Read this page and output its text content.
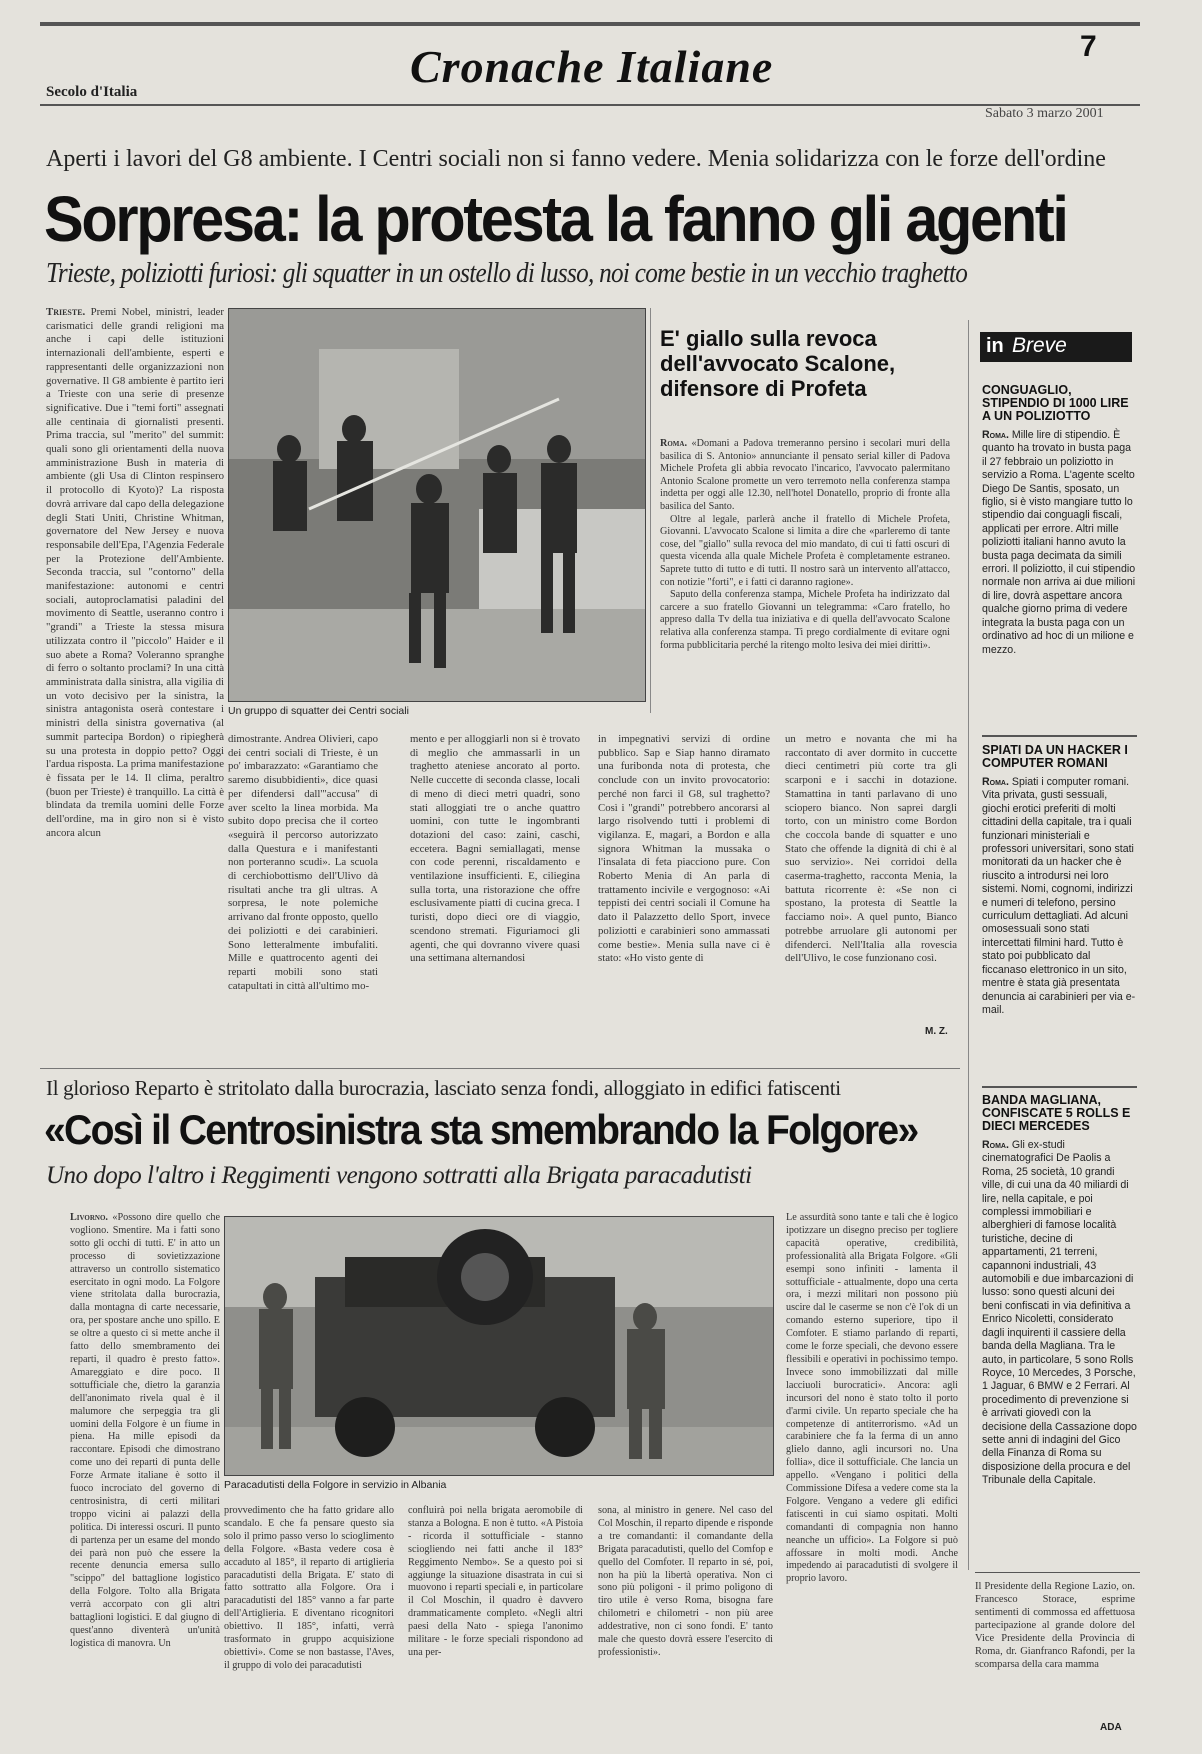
Secolo d'Italia	Cronache Italiane	7
Sabato 3 marzo 2001
Aperti i lavori del G8 ambiente. I Centri sociali non si fanno vedere. Menia solidarizza con le forze dell'ordine
Sorpresa: la protesta la fanno gli agenti
Trieste, poliziotti furiosi: gli squatter in un ostello di lusso, noi come bestie in un vecchio traghetto

Trieste. Premi Nobel, ministri, leader carismatici delle grandi religioni ma anche i capi delle istituzioni internazionali dell'ambiente, esperti e rappresentanti delle organizzazioni non governative. Il G8 ambiente è partito ieri a Trieste con una serie di presenze significative. Due i "temi forti" assegnati alle centinaia di giornalisti presenti. Prima traccia, sul "merito" del summit: quali sono gli orientamenti della nuova amministrazione Bush in materia di ambiente (gli Usa di Clinton respinsero il protocollo di Kyoto)? La risposta dovrà arrivare dal capo della delegazione degli Stati Uniti, Christine Whitman, governatore del New Jersey e nuova responsabile dell'Epa, l'Agenzia Federale per la Protezione dell'Ambiente. Seconda traccia, sul "contorno" della manifestazione: autonomi e centri sociali, autoproclamatisi paladini del movimento di Seattle, useranno contro i "grandi" a Trieste la stessa misura utilizzata contro il "piccolo" Haider e il suo abete a Roma? Voleranno spranghe di ferro o soltanto proclami? In una città amministrata dalla sinistra, alla vigilia di un voto decisivo per la sinistra, la sinistra antagonista oserà contestare i ministri della sinistra governativa (al summit partecipa Bordon) o ripiegherà su una protesta in doppio petto? Oggi l'ardua risposta. La prima manifestazione è fissata per le 14. Il clima, peraltro (buon per Trieste) è tranquillo. La città è blindata da tremila uomini delle Forze dell'ordine, ma in giro non si è visto ancora alcun

Un gruppo di squatter dei Centri sociali
E' giallo sulla revoca dell'avvocato Scalone, difensore di Profeta

Roma. «Domani a Padova tremeranno persino i secolari muri della basilica di S. Antonio» annunciante il pensato serial killer di Padova Michele Profeta gli abbia revocato l'incarico, l'avvocato palermitano Antonio Scalone promette un vero terremoto nella conferenza stampa indetta per oggi alle 12.30, nell'hotel Donatello, proprio di fronte alla basilica del Santo.

Oltre al legale, parlerà anche il fratello di Michele Profeta, Giovanni. L'avvocato Scalone si limita a dire che «parleremo di tante cose, del "giallo" sulla revoca del mio mandato, di cui ti fatti oscuri di questa vicenda alla quale Michele Profeta è completamente estraneo. Saprete tutto di tutto e di tutti. Il nostro sarà un intervento all'attacco, con notizie "forti", e i fatti ci daranno ragione».

Saputo della conferenza stampa, Michele Profeta ha indirizzato dal carcere a suo fratello Giovanni un telegramma: «Caro fratello, ho appreso dalla Tv della tua iniziativa e di quella dell'avvocato Scalone relativa alla conferenza stampa. Ti prego cordialmente di evitare ogni forma pubblicitaria perché la ritengo molto lesiva dei miei diritti».

dimostrante. Andrea Olivieri, capo dei centri sociali di Trieste, è un po' imbarazzato: «Garantiamo che saremo disubbidienti», dice quasi per difendersi dall'"accusa" di aver scelto la linea morbida. Ma subito dopo precisa che il corteo «seguirà il percorso autorizzato dalla Questura e i manifestanti non porteranno scudi». La scuola di cerchiobottismo dell'Ulivo dà risultati anche tra gli ultras. A sorpresa, le note polemiche arrivano dal fronte opposto, quello dei poliziotti e dei carabinieri. Sono letteralmente imbufaliti. Mille e quattrocento agenti dei reparti mobili sono stati catapultati in città all'ultimo mo-

mento e per alloggiarli non si è trovato di meglio che ammassarli in un traghetto ateniese ancorato al porto. Nelle cuccette di seconda classe, locali di meno di dieci metri quadri, sono stati alloggiati tre o anche quattro uomini, con tutte le ingombranti dotazioni del caso: zaini, caschi, eccetera. Bagni semiallagati, mense con code perenni, riscaldamento e ventilazione insufficienti. E, ciliegina sulla torta, una ristorazione che offre esclusivamente piatti di cucina greca. I turisti, dopo dieci ore di viaggio, scendono stremati. Figuriamoci gli agenti, che qui dovranno vivere quasi una settimana alternandosi

in impegnativi servizi di ordine pubblico. Sap e Siap hanno diramato una furibonda nota di protesta, che conclude con un invito provocatorio: perché non farci il G8, sul traghetto? Così i "grandi" potrebbero ancorarsi al largo risolvendo tutti i problemi di vigilanza. E, magari, a Bordon e alla signora Whitman la mussaka o l'insalata di feta piacciono pure. Con Roberto Menia di An parla di trattamento incivile e vergognoso: «Ai teppisti dei centri sociali il Comune ha dato il Palazzetto dello Sport, invece poliziotti e carabinieri sono ammassati come bestie». Menia sulla nave ci è stato: «Ho visto gente di

un metro e novanta che mi ha raccontato di aver dormito in cuccette dieci centimetri più corte tra gli scarponi e i sacchi in dotazione. Stamattina in tanti parlavano di uno sciopero bianco. Non saprei dargli torto, con un ministro come Bordon che coccola bande di squatter e uno Stato che offende la dignità di chi è al suo servizio». Nei corridoi della caserma-traghetto, racconta Menia, la battuta ricorrente è: «Se non ci spostano, la protesta di Seattle la facciamo noi». A quel punto, Bianco potrebbe arruolare gli autonomi per difenderci. Nell'Italia alla rovescia dell'Ulivo, le cose funzionano così.

M. Z.
in Breve
CONGUAGLIO, STIPENDIO DI 1000 LIRE A UN POLIZIOTTO
Roma. Mille lire di stipendio. È quanto ha trovato in busta paga il 27 febbraio un poliziotto in servizio a Roma. L'agente scelto Diego De Santis, sposato, un figlio, si è visto mangiare tutto lo stipendio dai conguagli fiscali, applicati per errore. Altri mille poliziotti italiani hanno avuto la busta paga decimata da simili errori. Il poliziotto, il cui stipendio normale non arriva ai due milioni di lire, dovrà aspettare ancora qualche giorno prima di vedere integrata la busta paga con un ordinativo ad hoc di un milione e mezzo.
SPIATI DA UN HACKER I COMPUTER ROMANI
Roma. Spiati i computer romani. Vita privata, gusti sessuali, giochi erotici preferiti di molti cittadini della capitale, tra i quali funzionari ministeriali e professori universitari, sono stati monitorati da un hacker che è riuscito a introdursi nei loro sistemi. Nomi, cognomi, indirizzi e numeri di telefono, persino curriculum dettagliati. Ad alcuni omosessuali sono stati intercettati filmini hard. Tutto è stato poi pubblicato dal ficcanaso elettronico in un sito, mentre è stata già presentata denuncia ai carabinieri per via e-mail.
BANDA MAGLIANA, CONFISCATE 5 ROLLS E DIECI MERCEDES
Roma. Gli ex-studi cinematografici De Paolis a Roma, 25 società, 10 grandi ville, di cui una da 40 miliardi di lire, nella capitale, e poi complessi immobiliari e alberghieri di famose località turistiche, decine di appartamenti, 21 terreni, capannoni industriali, 43 automobili e due imbarcazioni di lusso: sono questi alcuni dei beni confiscati in via definitiva a Enrico Nicoletti, considerato dagli inquirenti il cassiere della banda della Magliana. Tra le auto, in particolare, 5 sono Rolls Royce, 10 Mercedes, 3 Porsche, 1 Jaguar, 6 BMW e 2 Ferrari. Al procedimento di prevenzione si è arrivati giovedì con la decisione della Cassazione dopo sette anni di indagini del Gico della Finanza di Roma su disposizione della procura e del Tribunale della Capitale.
Il Presidente della Regione Lazio, on. Francesco Storace, esprime sentimenti di commossa ed affettuosa partecipazione al grande dolore del Vice Presidente della Provincia di Roma, dr. Gianfranco Rafondi, per la scomparsa della cara mamma
ADA
Il glorioso Reparto è stritolato dalla burocrazia, lasciato senza fondi, alloggiato in edifici fatiscenti
«Così il Centrosinistra sta smembrando la Folgore»
Uno dopo l'altro i Reggimenti vengono sottratti alla Brigata paracadutisti

Livorno. «Possono dire quello che vogliono. Smentire. Ma i fatti sono sotto gli occhi di tutti. E' in atto un processo di sovietizzazione attraverso un controllo sistematico esercitato in ogni modo. La Folgore viene stritolata dalla burocrazia, dalla montagna di carte necessarie, ora, per spostare anche uno spillo. E se oltre a questo ci si mette anche il fatto dello smembramento dei reparti, il quadro è presto fatto». Amareggiato e dire poco. Il sottufficiale che, dietro la garanzia dell'anonimato rivela qual è il malumore che serpeggia tra gli uomini della Folgore è un fiume in piena. Ha mille episodi da raccontare. Episodi che dimostrano come uno dei reparti di punta delle Forze Armate italiane è sotto il fuoco incrociato del governo di centrosinistra, di certi militari troppo vicini ai palazzi della politica. Di interessi oscuri. Il punto di partenza per un esame del mondo dei parà non può che essere la recente denuncia emersa sullo "scippo" del battaglione logistico della Folgore. Tolto alla Brigata verrà accorpato con gli altri battaglioni logistici. E dal giugno di quest'anno diventerà un'unità logistica di manovra. Un

Paracadutisti della Folgore in servizio in Albania

provvedimento che ha fatto gridare allo scandalo. E che fa pensare questo sia solo il primo passo verso lo scioglimento della Folgore. «Basta vedere cosa è accaduto al 185°, il reparto di artiglieria paracadutisti della Brigata. E' stato di fatto sottratto alla Folgore. Ora i paracadutisti del 185° vanno a far parte dell'Artiglieria. E diventano ricognitori obiettivo. Il 185°, infatti, verrà trasformato in gruppo acquisizione obiettivi». Come se non bastasse, l'Aves, il gruppo di volo dei paracadutisti

confluirà poi nella brigata aeromobile di stanza a Bologna. E non è tutto. «A Pistoia - ricorda il sottufficiale - stanno sciogliendo nei fatti anche il 183° Reggimento Nembo». Se a questo poi si aggiunge la situazione disastrata in cui si muovono i reparti speciali e, in particolare il Col Moschin, il quadro è davvero drammaticamente completo. «Negli altri paesi della Nato - spiega l'anonimo militare - le forze speciali rispondono ad una per-

sona, al ministro in genere. Nel caso del Col Moschin, il reparto dipende e risponde a tre comandanti: il comandante della Brigata paracadutisti, quello del Comfop e quello del Comfoter. Il reparto in sé, poi, non ha più la libertà operativa. Non ci sono più poligoni - il primo poligono di tiro utile è verso Roma, bisogna fare chilometri e chilometri - non più aree addestrative, non ci sono fondi. E' tanto male che questo dovrà essere l'esercito di professionisti».

Le assurdità sono tante e tali che è logico ipotizzare un disegno preciso per togliere capacità operative, credibilità, professionalità alla Brigata Folgore. «Gli esempi sono infiniti - lamenta il sottufficiale - attualmente, dopo una certa ora, i mezzi militari non possono più uscire dal le caserme se non c'è l'ok di un comando esterno superiore, tipo il Comfoter. E stiamo parlando di reparti, come le forze speciali, che devono essere flessibili e operativi in pochissimo tempo. Invece sono immobilizzati dal mille lacciuoli burocratici». Ancora: agli incursori del nono è stato tolto il porto d'armi civile. Un reparto speciale che ha competenze di antiterrorismo. «Ad un carabiniere che fa la ferma di un anno glielo danno, agli incursori no. Una follia», dice il sottufficiale. Che lancia un appello. «Vengano i politici della Commissione Difesa a vedere come sta la Folgore. Vengano a vedere gli edifici fatiscenti in cui siamo ospitati. Molti comandanti di compagnia non hanno neanche un ufficio». La Folgore si può affossare in molti modi. Anche impedendo ai paracadutisti di svolgere il proprio lavoro.
